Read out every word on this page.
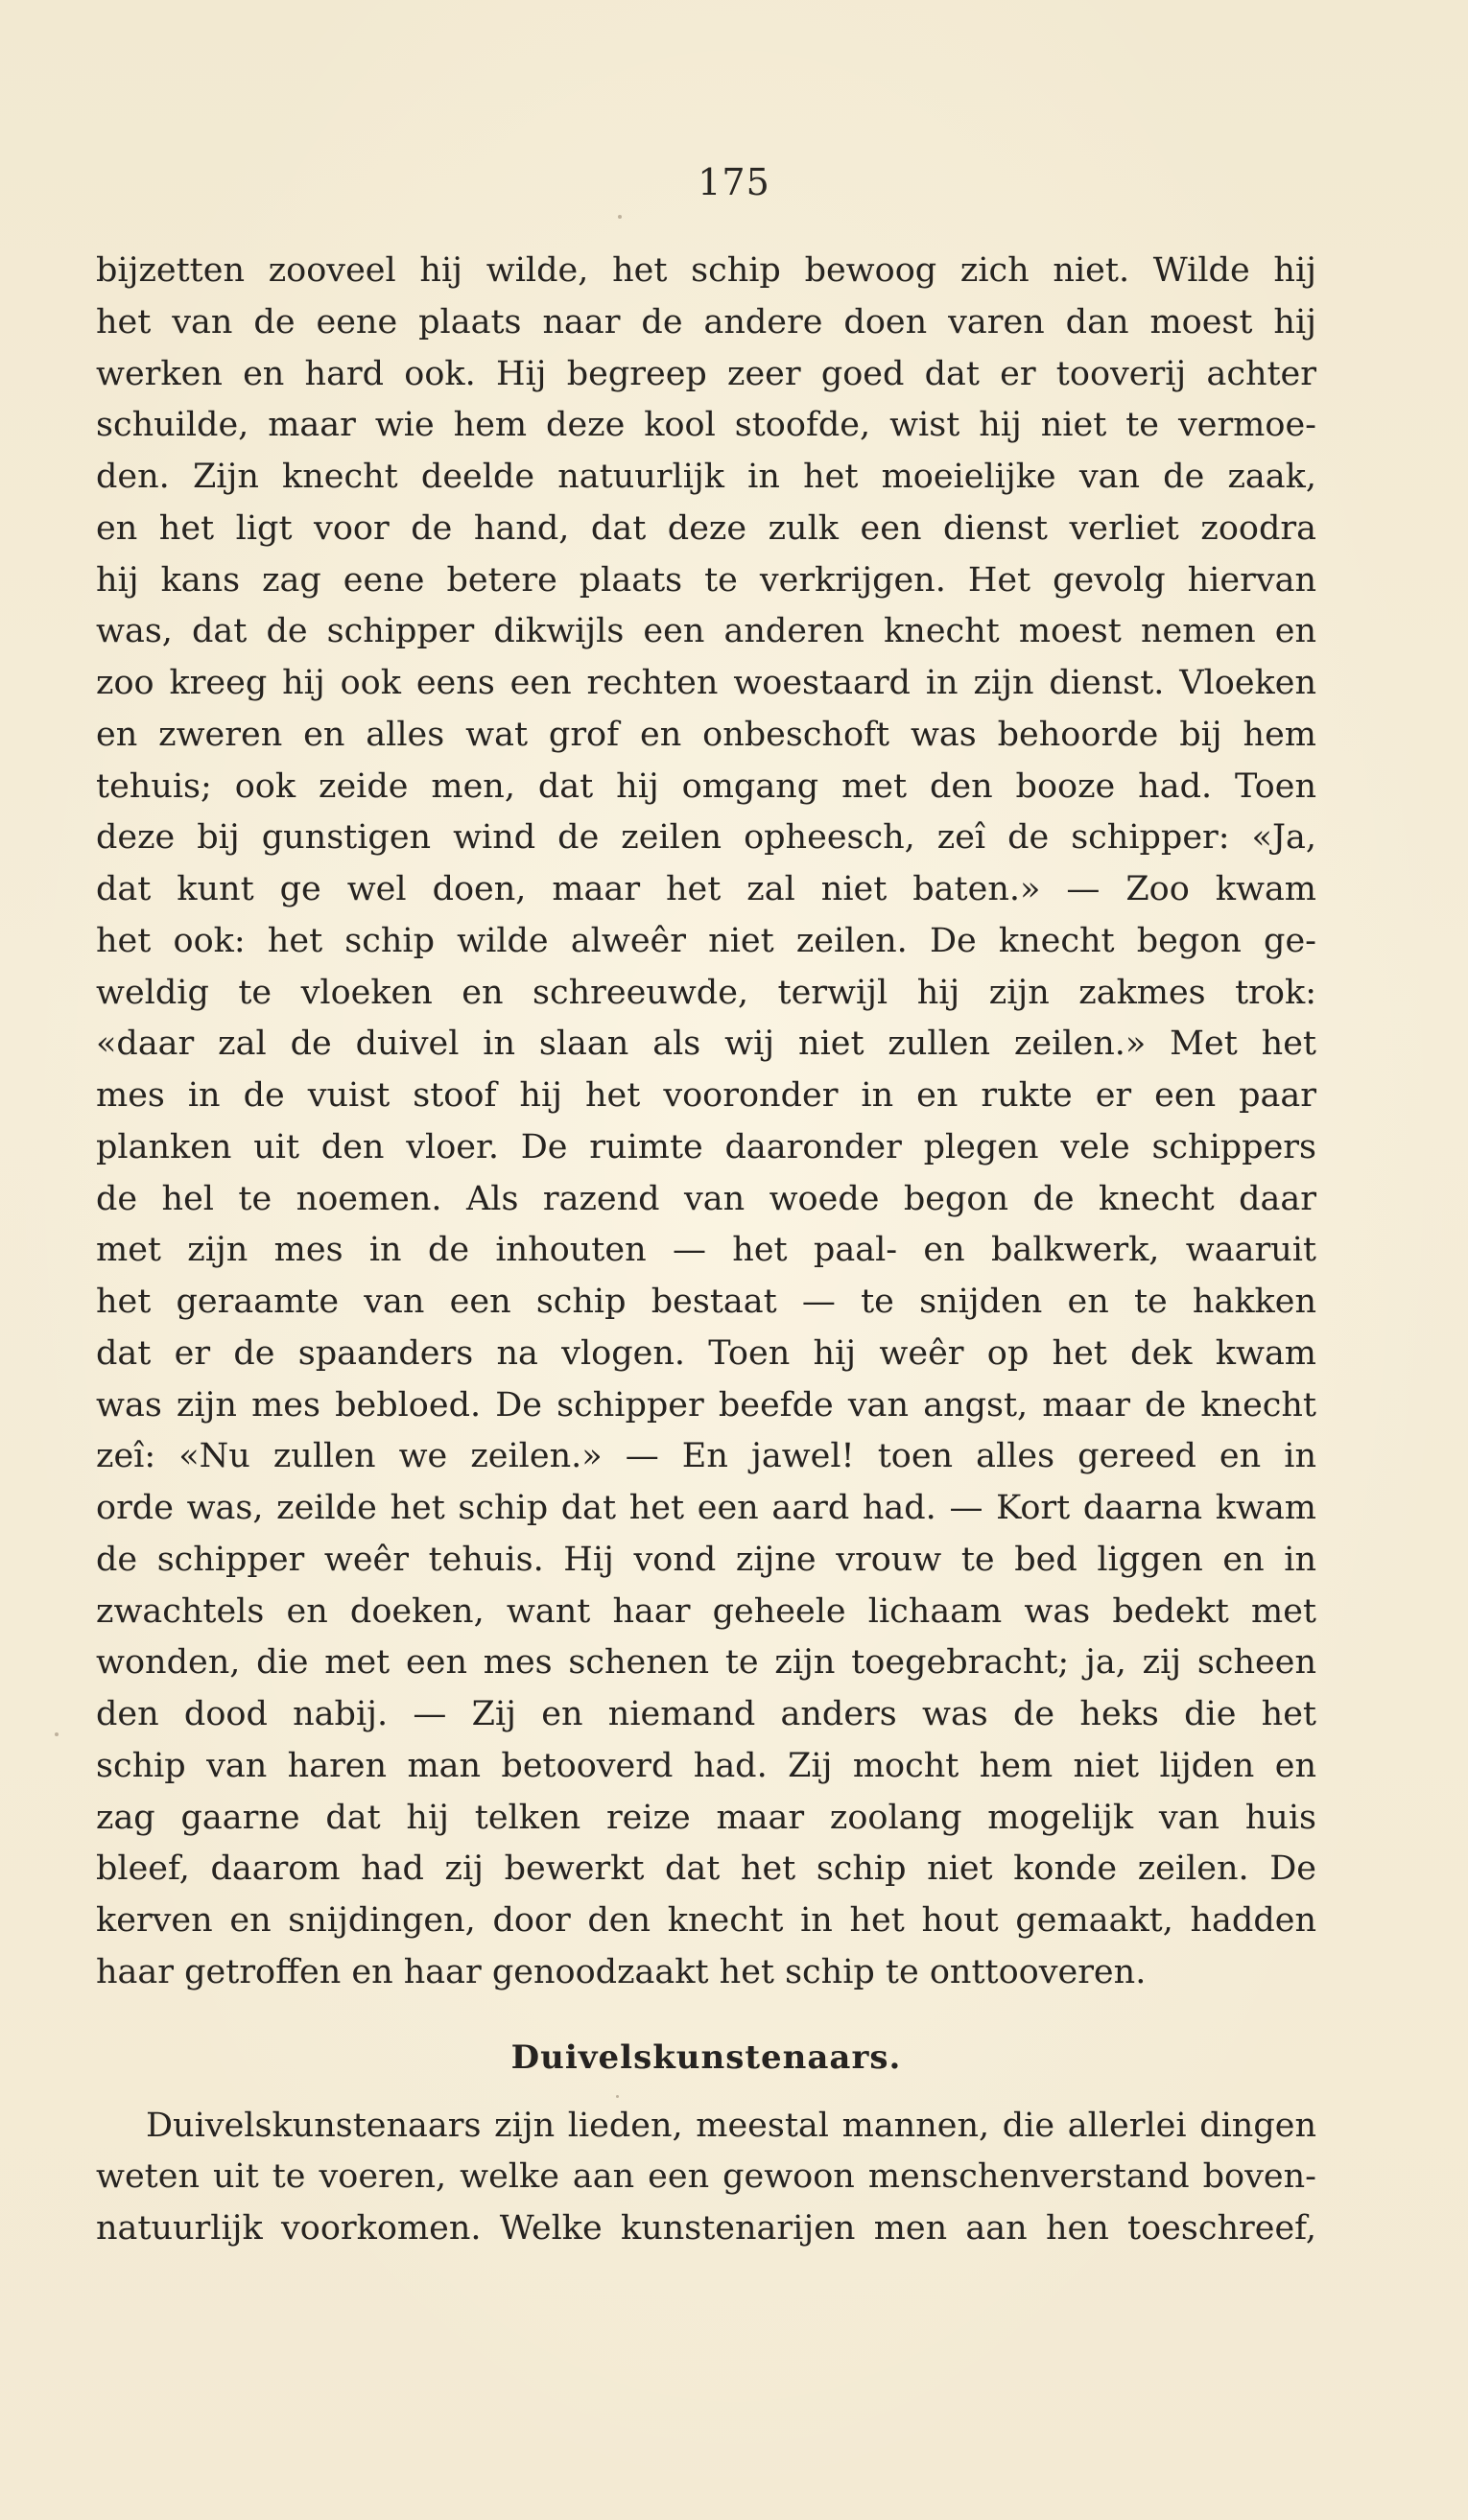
175
bijzetten zooveel hij wilde, het schip bewoog zich niet. Wilde hij
het van de eene plaats naar de andere doen varen dan moest hij
werken en hard ook. Hij begreep zeer goed dat er tooverij achter
schuilde, maar wie hem deze kool stoofde, wist hij niet te vermoe-
den. Zijn knecht deelde natuurlijk in het moeielijke van de zaak,
en het ligt voor de hand, dat deze zulk een dienst verliet zoodra
hij kans zag eene betere plaats te verkrijgen. Het gevolg hiervan
was, dat de schipper dikwijls een anderen knecht moest nemen en
zoo kreeg hij ook eens een rechten woestaard in zijn dienst. Vloeken
en zweren en alles wat grof en onbeschoft was behoorde bij hem
tehuis; ook zeide men, dat hij omgang met den booze had. Toen
deze bij gunstigen wind de zeilen opheesch, zeî de schipper: «Ja,
dat kunt ge wel doen, maar het zal niet baten.» — Zoo kwam
het ook: het schip wilde alweêr niet zeilen. De knecht begon ge-
weldig te vloeken en schreeuwde, terwijl hij zijn zakmes trok:
«daar zal de duivel in slaan als wij niet zullen zeilen.» Met het
mes in de vuist stoof hij het vooronder in en rukte er een paar
planken uit den vloer. De ruimte daaronder plegen vele schippers
de hel te noemen. Als razend van woede begon de knecht daar
met zijn mes in de inhouten — het paal- en balkwerk, waaruit
het geraamte van een schip bestaat — te snijden en te hakken
dat er de spaanders na vlogen. Toen hij weêr op het dek kwam
was zijn mes bebloed. De schipper beefde van angst, maar de knecht
zeî: «Nu zullen we zeilen.» — En jawel! toen alles gereed en in
orde was, zeilde het schip dat het een aard had. — Kort daarna kwam
de schipper weêr tehuis. Hij vond zijne vrouw te bed liggen en in
zwachtels en doeken, want haar geheele lichaam was bedekt met
wonden, die met een mes schenen te zijn toegebracht; ja, zij scheen
den dood nabij. — Zij en niemand anders was de heks die het
schip van haren man betooverd had. Zij mocht hem niet lijden en
zag gaarne dat hij telken reize maar zoolang mogelijk van huis
bleef, daarom had zij bewerkt dat het schip niet konde zeilen. De
kerven en snijdingen, door den knecht in het hout gemaakt, hadden
haar getroffen en haar genoodzaakt het schip te onttooveren.
Duivelskunstenaars.
Duivelskunstenaars zijn lieden, meestal mannen, die allerlei dingen
weten uit te voeren, welke aan een gewoon menschenverstand boven-
natuurlijk voorkomen. Welke kunstenarijen men aan hen toeschreef,
